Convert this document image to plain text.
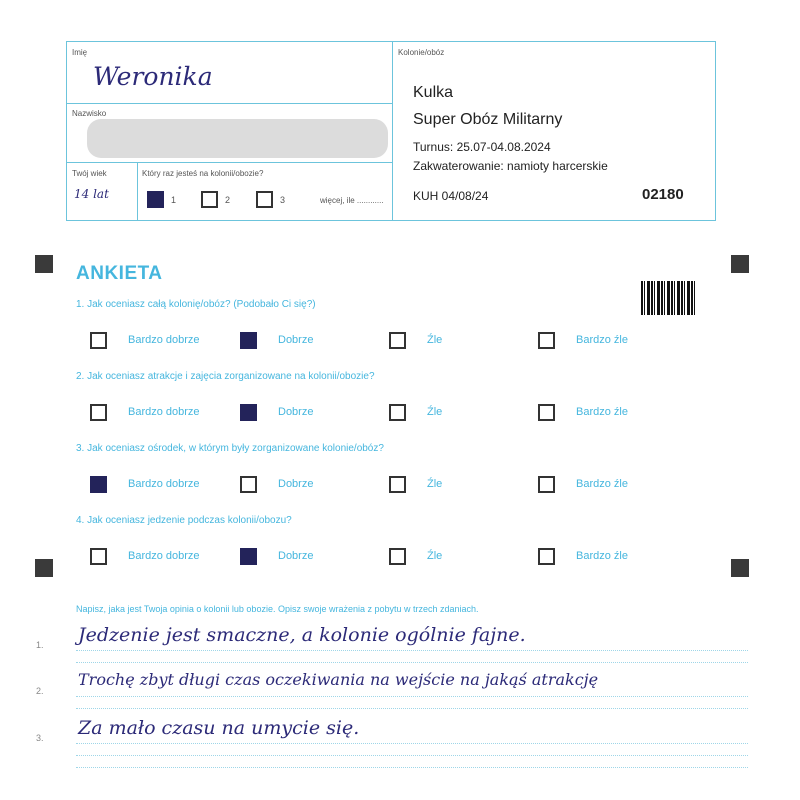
Imię
Weronika
Nazwisko
Twój wiek
14 lat
Który raz jesteś na kolonii/obozie?
1	2	3	więcej, ile ............
Kolonie/obóz
Kulka
Super Obóz Militarny
Turnus: 25.07-04.08.2024
Zakwaterowanie: namioty harcerskie
KUH 04/08/24	02180
ANKIETA
1. Jak oceniasz całą kolonię/obóz? (Podobało Ci się?)
Bardzo dobrze	Dobrze	Źle	Bardzo źle
2. Jak oceniasz atrakcje i zajęcia zorganizowane na kolonii/obozie?
Bardzo dobrze	Dobrze	Źle	Bardzo źle
3. Jak oceniasz ośrodek, w którym były zorganizowane kolonie/obóz?
Bardzo dobrze	Dobrze	Źle	Bardzo źle
4. Jak oceniasz jedzenie podczas kolonii/obozu?
Bardzo dobrze	Dobrze	Źle	Bardzo źle
Napisz, jaka jest Twoja opinia o kolonii lub obozie. Opisz swoje wrażenia z pobytu w trzech zdaniach.
1. Jedzenie jest smaczne, a kolonie ogólnie fajne.
2.
Trochę zbyt długi czas oczekiwania na wejście na jakąś atrakcję
3. Za mało czasu na umycie się.
